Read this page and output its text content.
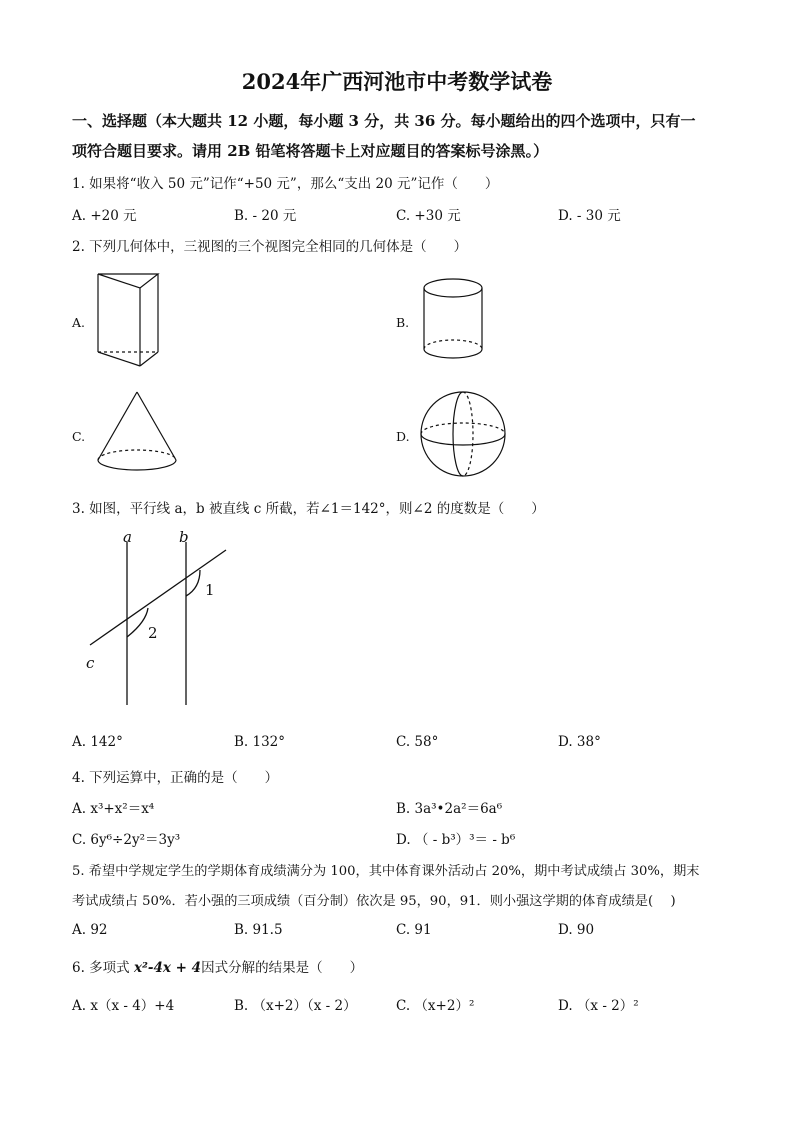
2024年广西河池市中考数学试卷
一、选择题（本大题共 12 小题，每小题 3 分，共 36 分。每小题给出的四个选项中，只有一
项符合题目要求。请用 2B 铅笔将答题卡上对应题目的答案标号涂黑。）
1. 如果将“收入 50 元”记作“+50 元”，那么“支出 20 元”记作（　　）
A. +20 元	B. - 20 元	C. +30 元	D. - 30 元
2. 下列几何体中，三视图的三个视图完全相同的几何体是（　　）
A.	B.
C.	D.
3. 如图，平行线 a，b 被直线 c 所截，若∠1＝142°，则∠2 的度数是（　　）
a	b
c
1
2
A. 142°	B. 132°	C. 58°	D. 38°
4. 下列运算中，正确的是（　　）
A. x³+x²＝x⁴	B. 3a³•2a²＝6a⁶
C. 6y⁶÷2y²＝3y³	D. （ - b³）³＝ - b⁶
5. 希望中学规定学生的学期体育成绩满分为 100，其中体育课外活动占 20%，期中考试成绩占 30%，期末
考试成绩占 50%．若小强的三项成绩（百分制）依次是 95，90，91．则小强这学期的体育成绩是(　 )
A. 92	B. 91.5	C. 91	D. 90
6. 多项式 x²-4x + 4因式分解的结果是（　　）
A. x（x - 4）+4	B. （x+2）（x - 2）	C. （x+2）²	D. （x - 2）²
